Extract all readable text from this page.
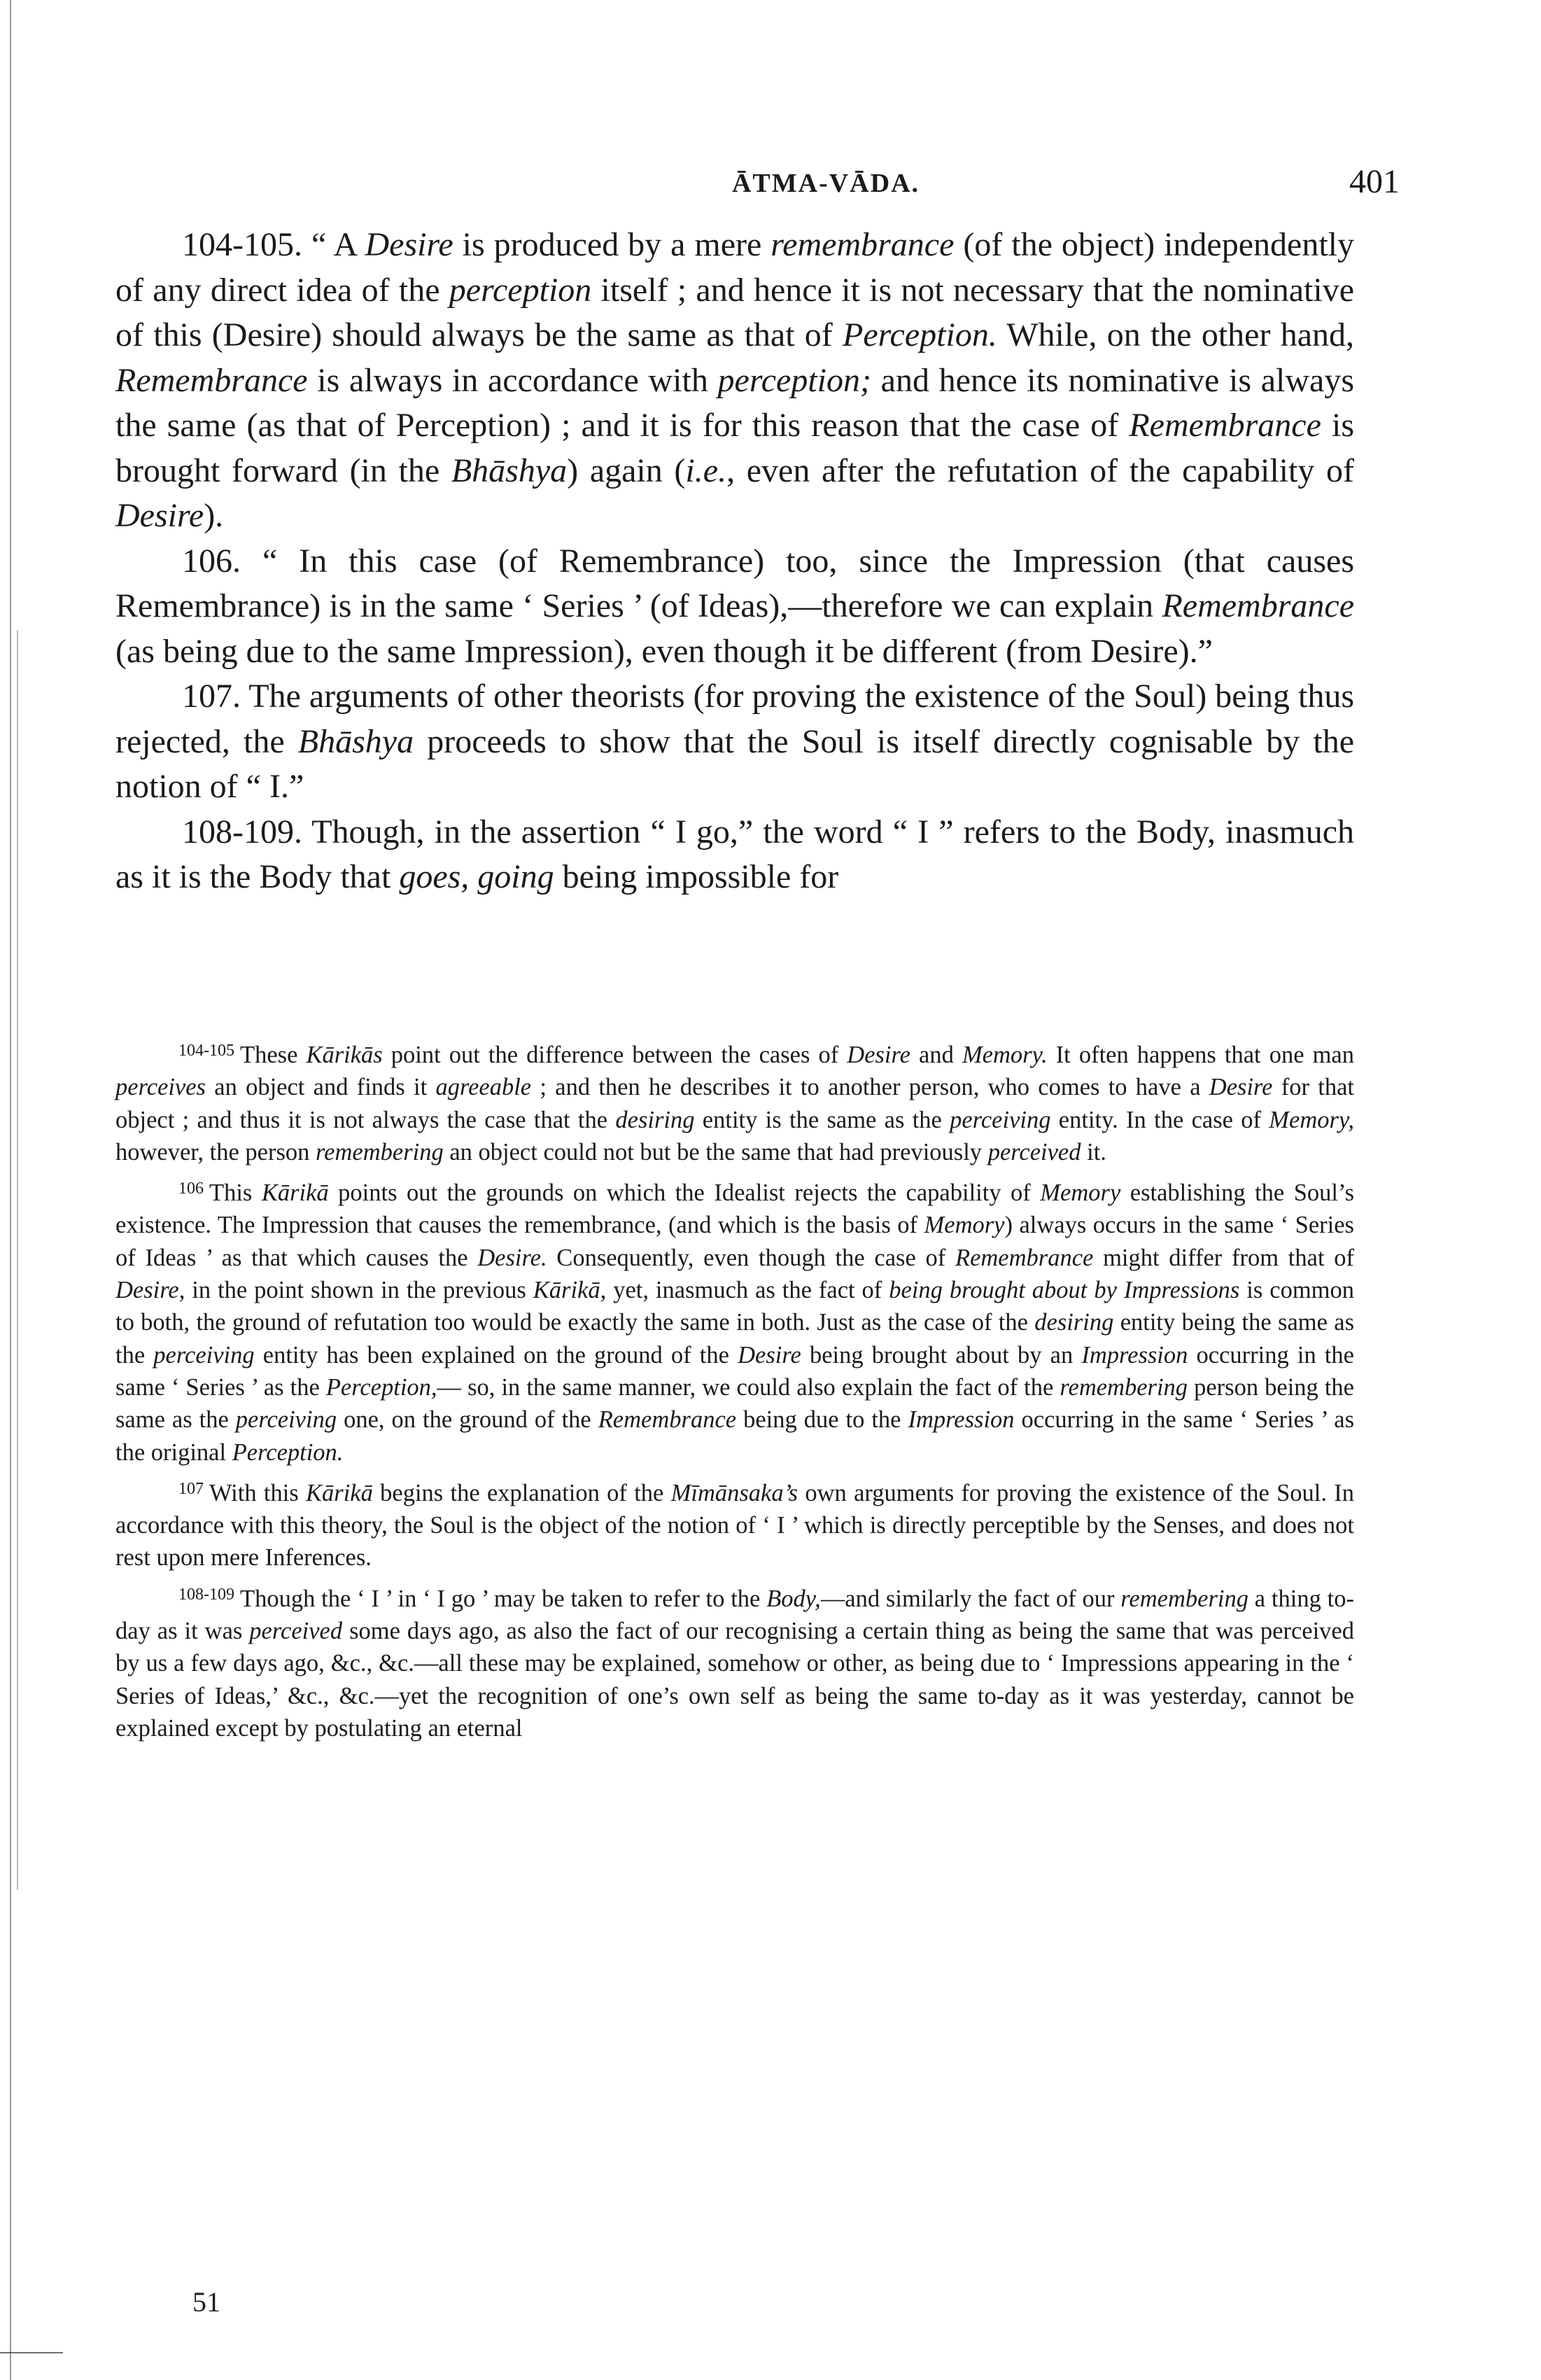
ĀTMA-VĀDA.	401

104-105. “ A Desire is produced by a mere remembrance (of the object) independently of any direct idea of the perception itself ; and hence it is not necessary that the nominative of this (Desire) should always be the same as that of Perception. While, on the other hand, Remembrance is always in accordance with perception; and hence its nominative is always the same (as that of Perception) ; and it is for this reason that the case of Remembrance is brought forward (in the Bhāshya) again (i.e., even after the refutation of the capability of Desire).

106. “ In this case (of Remembrance) too, since the Impression (that causes Remembrance) is in the same ‘ Series ’ (of Ideas),—therefore we can explain Remembrance (as being due to the same Impression), even though it be different (from Desire).”

107. The arguments of other theorists (for proving the existence of the Soul) being thus rejected, the Bhāshya proceeds to show that the Soul is itself directly cognisable by the notion of “ I.”

108-109. Though, in the assertion “ I go,” the word “ I ” refers to the Body, inasmuch as it is the Body that goes, going being impossible for

$^{104-105}$ These Kārikās point out the difference between the cases of Desire and Memory. It often happens that one man perceives an object and finds it agreeable ; and then he describes it to another person, who comes to have a Desire for that object ; and thus it is not always the case that the desiring entity is the same as the perceiving entity. In the case of Memory, however, the person remembering an object could not but be the same that had previously perceived it.

$^{106}$ This Kārikā points out the grounds on which the Idealist rejects the capability of Memory establishing the Soul’s existence. The Impression that causes the remembrance, (and which is the basis of Memory) always occurs in the same ‘ Series of Ideas ’ as that which causes the Desire. Consequently, even though the case of Remembrance might differ from that of Desire, in the point shown in the previous Kārikā, yet, inasmuch as the fact of being brought about by Impressions is common to both, the ground of refutation too would be exactly the same in both. Just as the case of the desiring entity being the same as the perceiving entity has been explained on the ground of the Desire being brought about by an Impression occurring in the same ‘ Series ’ as the Perception,— so, in the same manner, we could also explain the fact of the remembering person being the same as the perceiving one, on the ground of the Remembrance being due to the Impression occurring in the same ‘ Series ’ as the original Perception.

$^{107}$ With this Kārikā begins the explanation of the Mīmānsaka’s own arguments for proving the existence of the Soul. In accordance with this theory, the Soul is the object of the notion of ‘ I ’ which is directly perceptible by the Senses, and does not rest upon mere Inferences.

$^{108-109}$ Though the ‘ I ’ in ‘ I go ’ may be taken to refer to the Body,—and similarly the fact of our remembering a thing to-day as it was perceived some days ago, as also the fact of our recognising a certain thing as being the same that was perceived by us a few days ago, &c., &c.—all these may be explained, somehow or other, as being due to ‘ Impressions appearing in the ‘ Series of Ideas,’ &c., &c.—yet the recognition of one’s own self as being the same to-day as it was yesterday, cannot be explained except by postulating an eternal

51
